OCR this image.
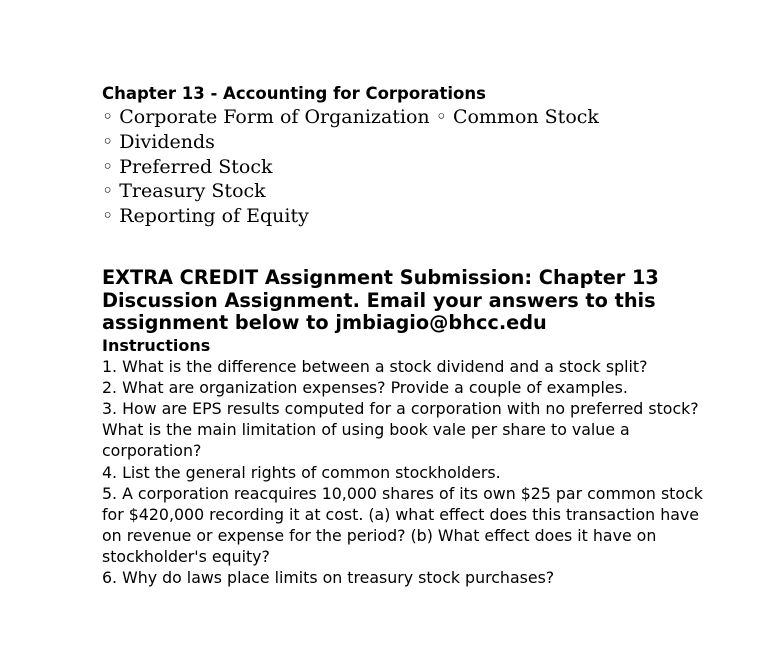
Chapter 13 - Accounting for Corporations
◦ Corporate Form of Organization ◦ Common Stock
◦ Dividends
◦ Preferred Stock
◦ Treasury Stock
◦ Reporting of Equity
EXTRA CREDIT Assignment Submission: Chapter 13 Discussion Assignment. Email your answers to this assignment below to jmbiagio@bhcc.edu
Instructions
1. What is the difference between a stock dividend and a stock split?
2. What are organization expenses? Provide a couple of examples.
3. How are EPS results computed for a corporation with no preferred stock? What is the main limitation of using book vale per share to value a corporation?
4. List the general rights of common stockholders.
5. A corporation reacquires 10,000 shares of its own $25 par common stock for $420,000 recording it at cost. (a) what effect does this transaction have on revenue or expense for the period? (b) What effect does it have on stockholder's equity?
6. Why do laws place limits on treasury stock purchases?
